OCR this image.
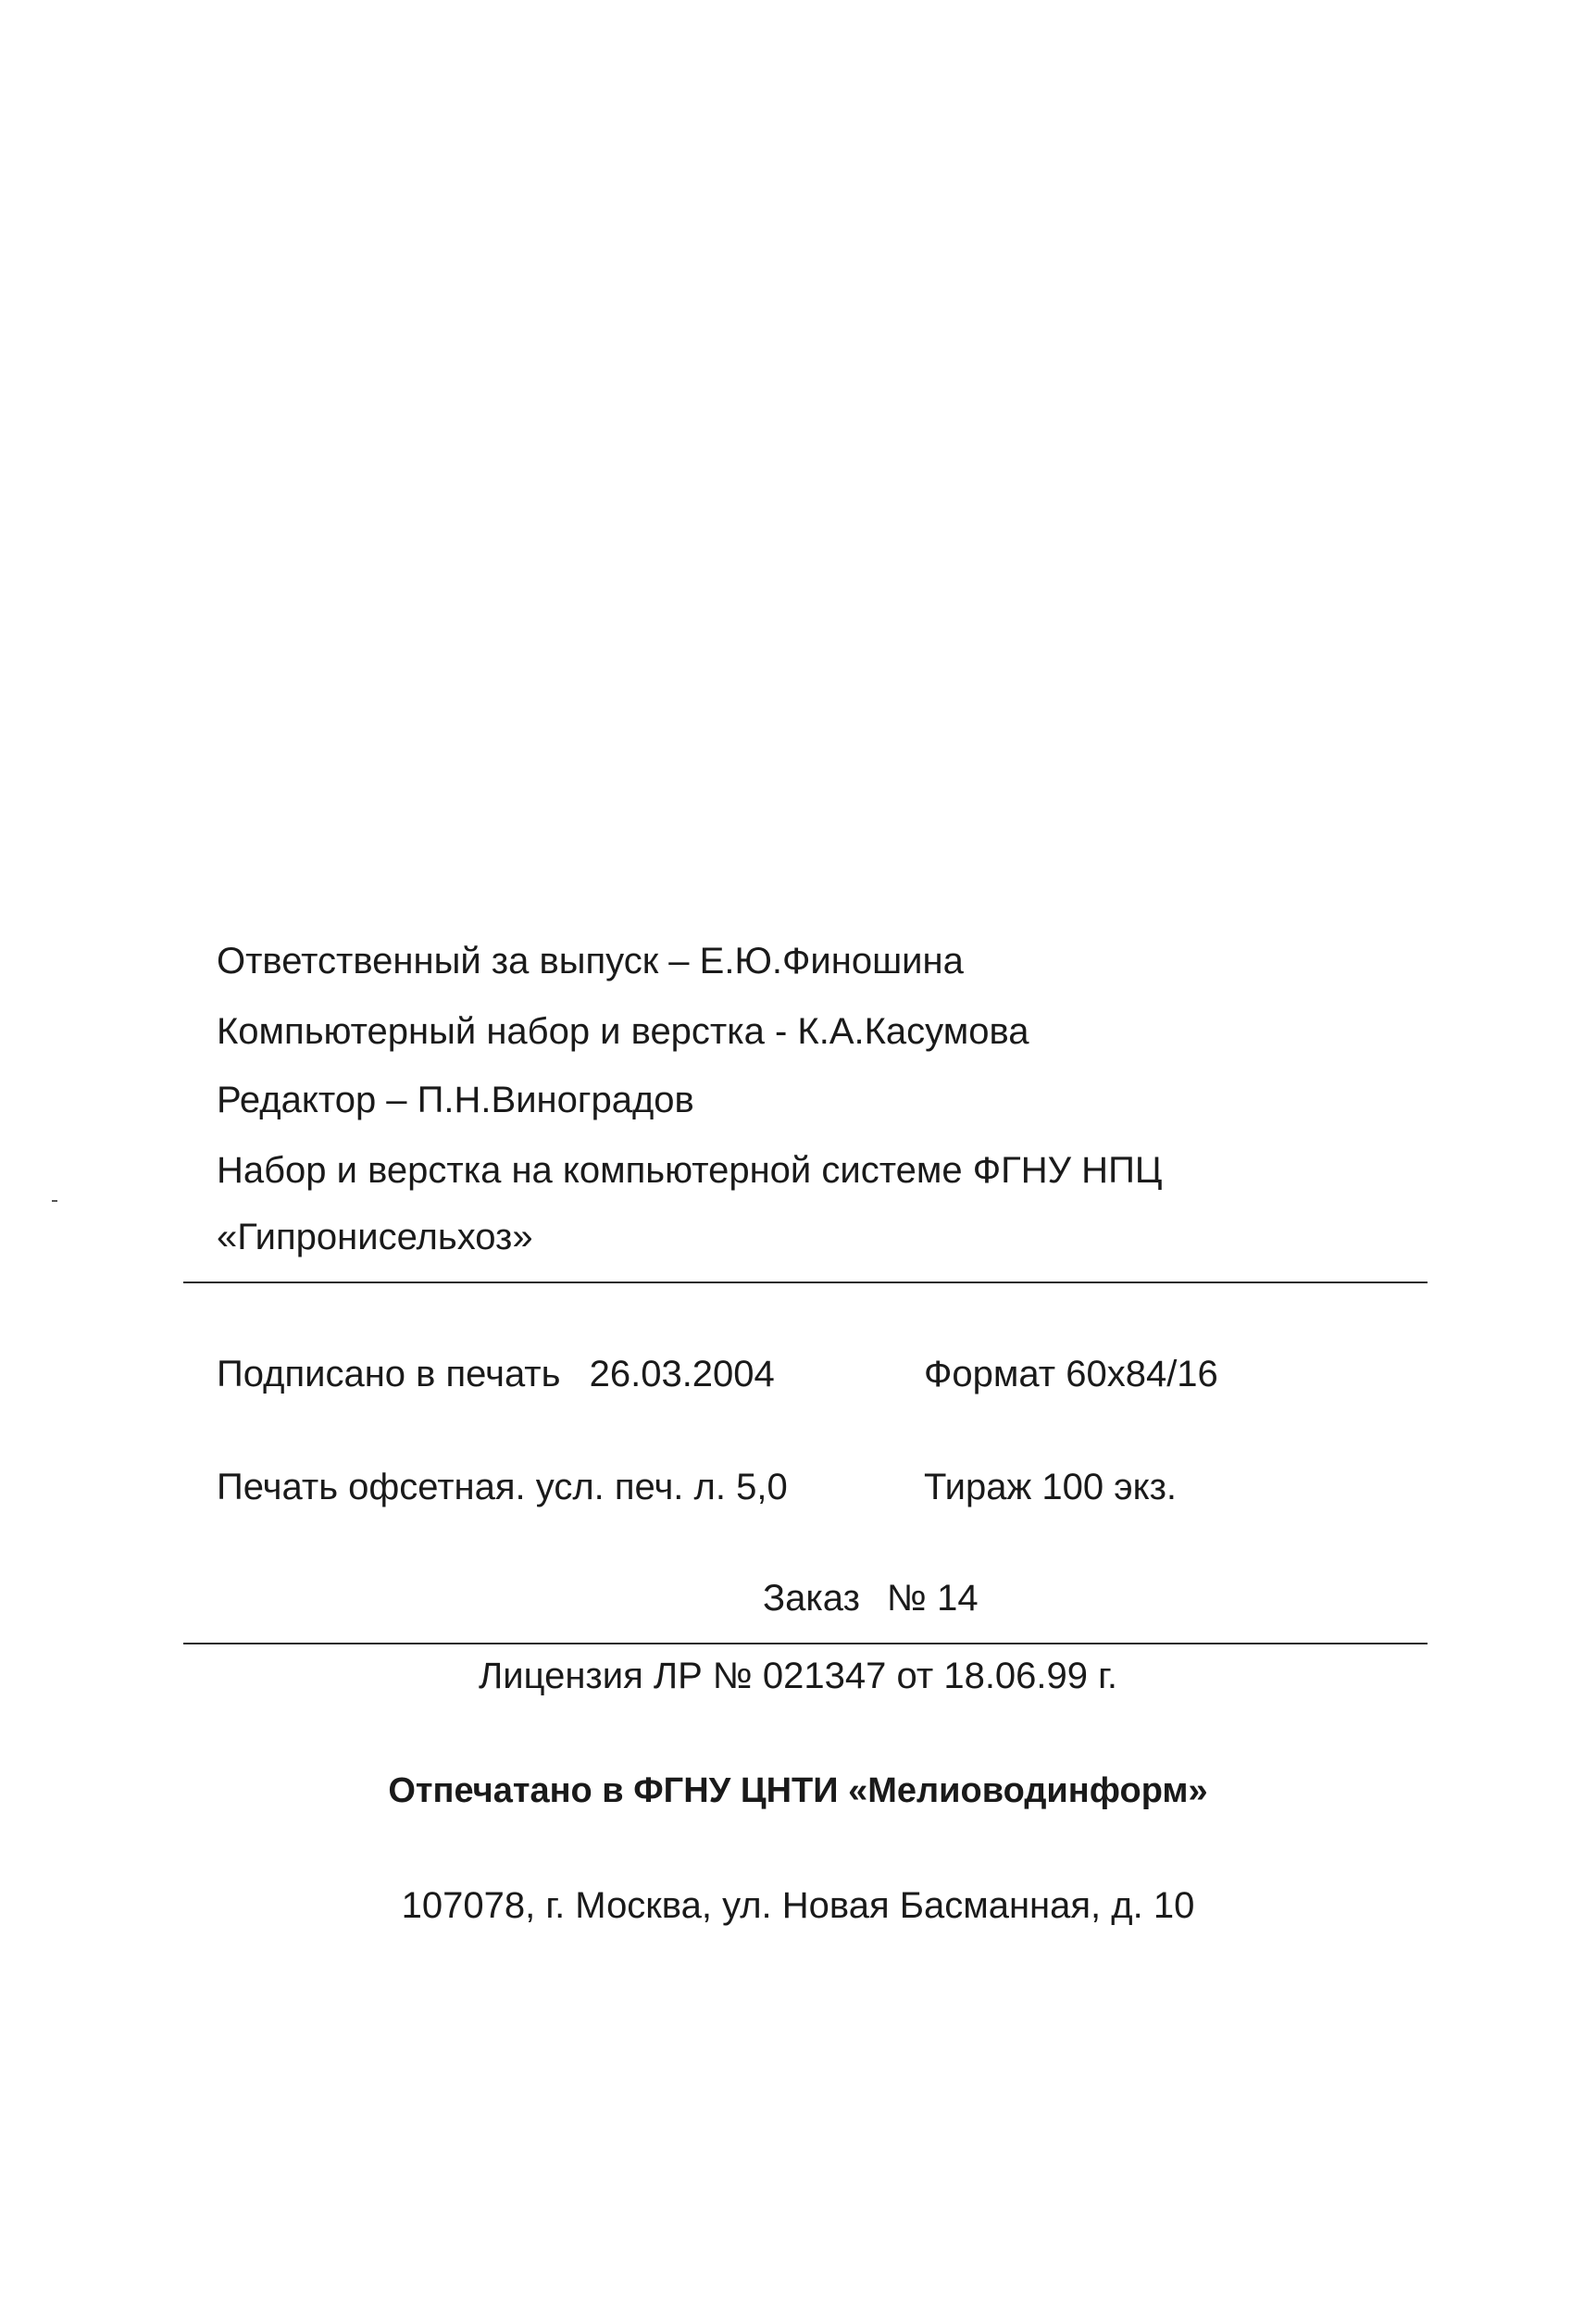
Ответственный за выпуск – Е.Ю.Финошина
Компьютерный набор и верстка - К.А.Касумова
Редактор – П.Н.Виноградов
Набор и верстка на компьютерной системе ФГНУ НПЦ
«Гипронисельхоз»
Подписано в печать 26.03.2004	Формат 60x84/16
Печать офсетная. усл. печ. л. 5,0	Тираж 100 экз.
Заказ № 14
Лицензия ЛР № 021347 от 18.06.99 г.
Отпечатано в ФГНУ ЦНТИ «Мелиоводинформ»
107078, г. Москва, ул. Новая Басманная, д. 10
